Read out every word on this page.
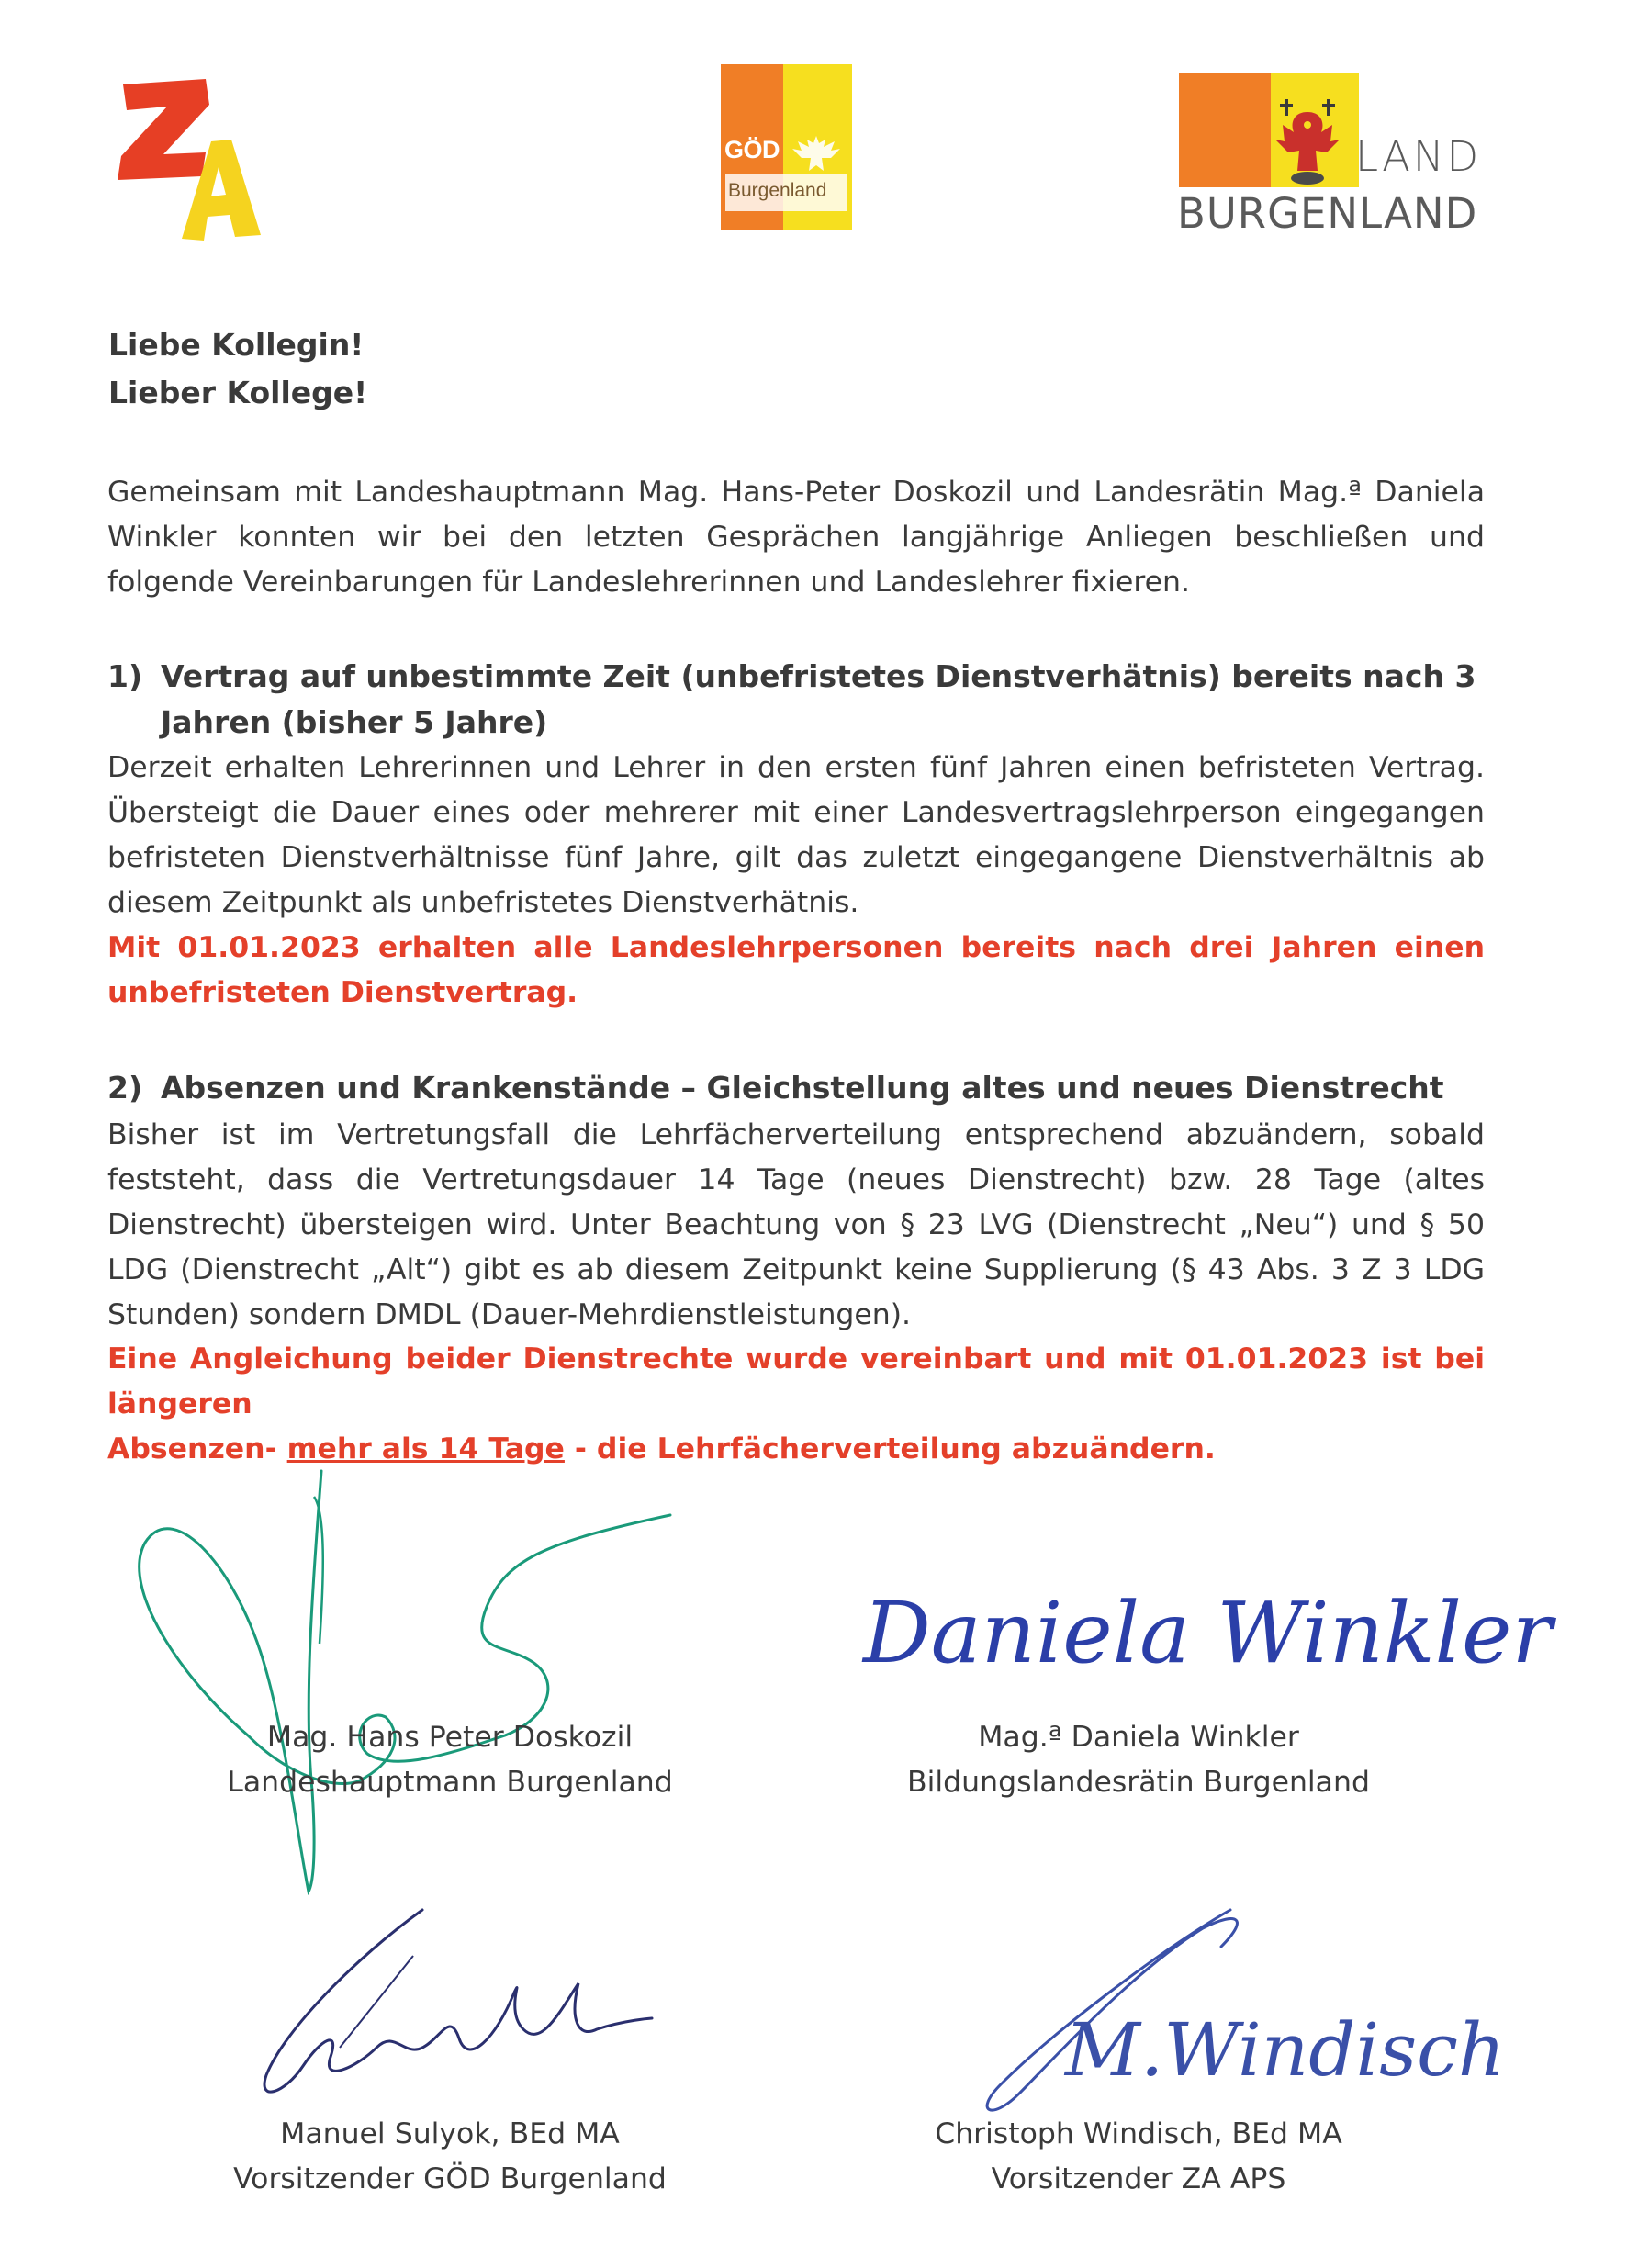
GÖD
Burgenland
LAND
BURGENLAND
Liebe Kollegin!
Lieber Kollege!
Gemeinsam mit Landeshauptmann Mag. Hans-Peter Doskozil und Landesrätin Mag.ª Daniela
Winkler konnten wir bei den letzten Gesprächen langjährige Anliegen beschließen und
folgende Vereinbarungen für Landeslehrerinnen und Landeslehrer fixieren.
1) Vertrag auf unbestimmte Zeit (unbefristetes Dienstverhätnis) bereits nach 3
Jahren (bisher 5 Jahre)
Derzeit erhalten Lehrerinnen und Lehrer in den ersten fünf Jahren einen befristeten Vertrag.
Übersteigt die Dauer eines oder mehrerer mit einer Landesvertragslehrperson eingegangen
befristeten Dienstverhältnisse fünf Jahre, gilt das zuletzt eingegangene Dienstverhältnis ab
diesem Zeitpunkt als unbefristetes Dienstverhätnis.
Mit 01.01.2023 erhalten alle Landeslehrpersonen bereits nach drei Jahren einen
unbefristeten Dienstvertrag.
2) Absenzen und Krankenstände – Gleichstellung altes und neues Dienstrecht
Bisher ist im Vertretungsfall die Lehrfächerverteilung entsprechend abzuändern, sobald
feststeht, dass die Vertretungsdauer 14 Tage (neues Dienstrecht) bzw. 28 Tage (altes
Dienstrecht) übersteigen wird. Unter Beachtung von § 23 LVG (Dienstrecht „Neu“) und § 50
LDG (Dienstrecht „Alt“) gibt es ab diesem Zeitpunkt keine Supplierung (§ 43 Abs. 3 Z 3 LDG
Stunden) sondern DMDL (Dauer-Mehrdienstleistungen).
Eine Angleichung beider Dienstrechte wurde vereinbart und mit 01.01.2023 ist bei längeren
Absenzen- mehr als 14 Tage - die Lehrfächerverteilung abzuändern.
Daniela Winkler
M.Windisch
Mag. Hans Peter Doskozil
Landeshauptmann Burgenland
Mag.ª Daniela Winkler
Bildungslandesrätin Burgenland
Manuel Sulyok, BEd MA
Vorsitzender GÖD Burgenland
Christoph Windisch, BEd MA
Vorsitzender ZA APS
